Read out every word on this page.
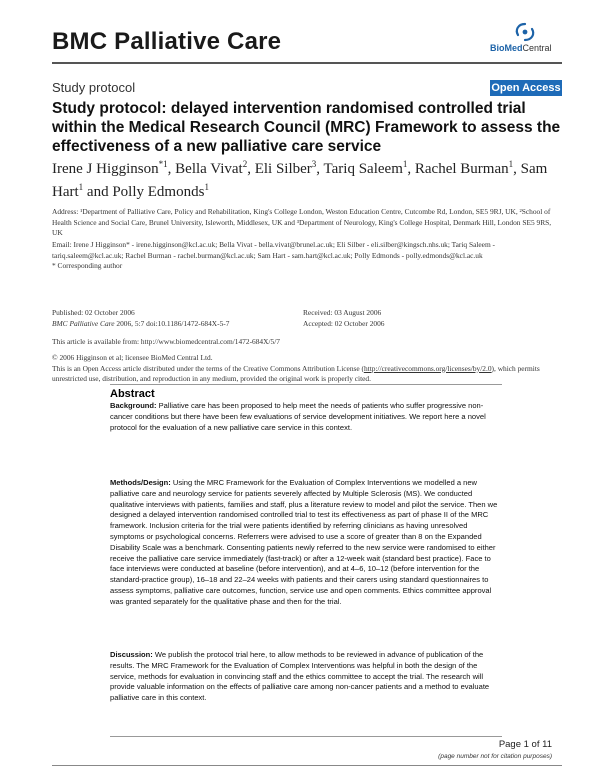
BMC Palliative Care	BioMedCentral
Study protocol	Open Access
Study protocol: delayed intervention randomised controlled trial within the Medical Research Council (MRC) Framework to assess the effectiveness of a new palliative care service
Irene J Higginson$^{*1}$, Bella Vivat$^2$, Eli Silber$^3$, Tariq Saleem$^1$, Rachel Burman$^1$, Sam Hart$^1$ and Polly Edmonds$^1$
Address: ¹Department of Palliative Care, Policy and Rehabilitation, King's College London, Weston Education Centre, Cutcombe Rd, London, SE5 9RJ, UK, ²School of Health Science and Social Care, Brunel University, Isleworth, Middlesex, UK and ³Department of Neurology, King's College Hospital, Denmark Hill, London SE5 9RS, UK
Email: Irene J Higginson* - irene.higginson@kcl.ac.uk; Bella Vivat - bella.vivat@brunel.ac.uk; Eli Silber - eli.silber@kingsch.nhs.uk; Tariq Saleem - tariq.saleem@kcl.ac.uk; Rachel Burman - rachel.burman@kcl.ac.uk; Sam Hart - sam.hart@kcl.ac.uk; Polly Edmonds - polly.edmonds@kcl.ac.uk
* Corresponding author
Published: 02 October 2006
BMC Palliative Care 2006, 5:7 doi:10.1186/1472-684X-5-7
Received: 03 August 2006
Accepted: 02 October 2006
This article is available from: http://www.biomedcentral.com/1472-684X/5/7
© 2006 Higginson et al; licensee BioMed Central Ltd.
This is an Open Access article distributed under the terms of the Creative Commons Attribution License (http://creativecommons.org/licenses/by/2.0), which permits unrestricted use, distribution, and reproduction in any medium, provided the original work is properly cited.
Abstract
Background: Palliative care has been proposed to help meet the needs of patients who suffer progressive non-cancer conditions but there have been few evaluations of service development initiatives. We report here a novel protocol for the evaluation of a new palliative care service in this context.
Methods/Design: Using the MRC Framework for the Evaluation of Complex Interventions we modelled a new palliative care and neurology service for patients severely affected by Multiple Sclerosis (MS). We conducted qualitative interviews with patients, families and staff, plus a literature review to model and pilot the service. Then we designed a delayed intervention randomised controlled trial to test its effectiveness as part of phase II of the MRC framework. Inclusion criteria for the trial were patients identified by referring clinicians as having unresolved symptoms or psychological concerns. Referrers were advised to use a score of greater than 8 on the Expanded Disability Scale was a benchmark. Consenting patients newly referred to the new service were randomised to either receive the palliative care service immediately (fast-track) or after a 12-week wait (standard best practice). Face to face interviews were conducted at baseline (before intervention), and at 4–6, 10–12 (before intervention for the standard-practice group), 16–18 and 22–24 weeks with patients and their carers using standard questionnaires to assess symptoms, palliative care outcomes, function, service use and open comments. Ethics committee approval was granted separately for the qualitative phase and then for the trial.
Discussion: We publish the protocol trial here, to allow methods to be reviewed in advance of publication of the results. The MRC Framework for the Evaluation of Complex Interventions was helpful in both the design of the service, methods for evaluation in convincing staff and the ethics committee to accept the trial. The research will provide valuable information on the effects of palliative care among non-cancer patients and a method to evaluate palliative care in this context.
Page 1 of 11
(page number not for citation purposes)
